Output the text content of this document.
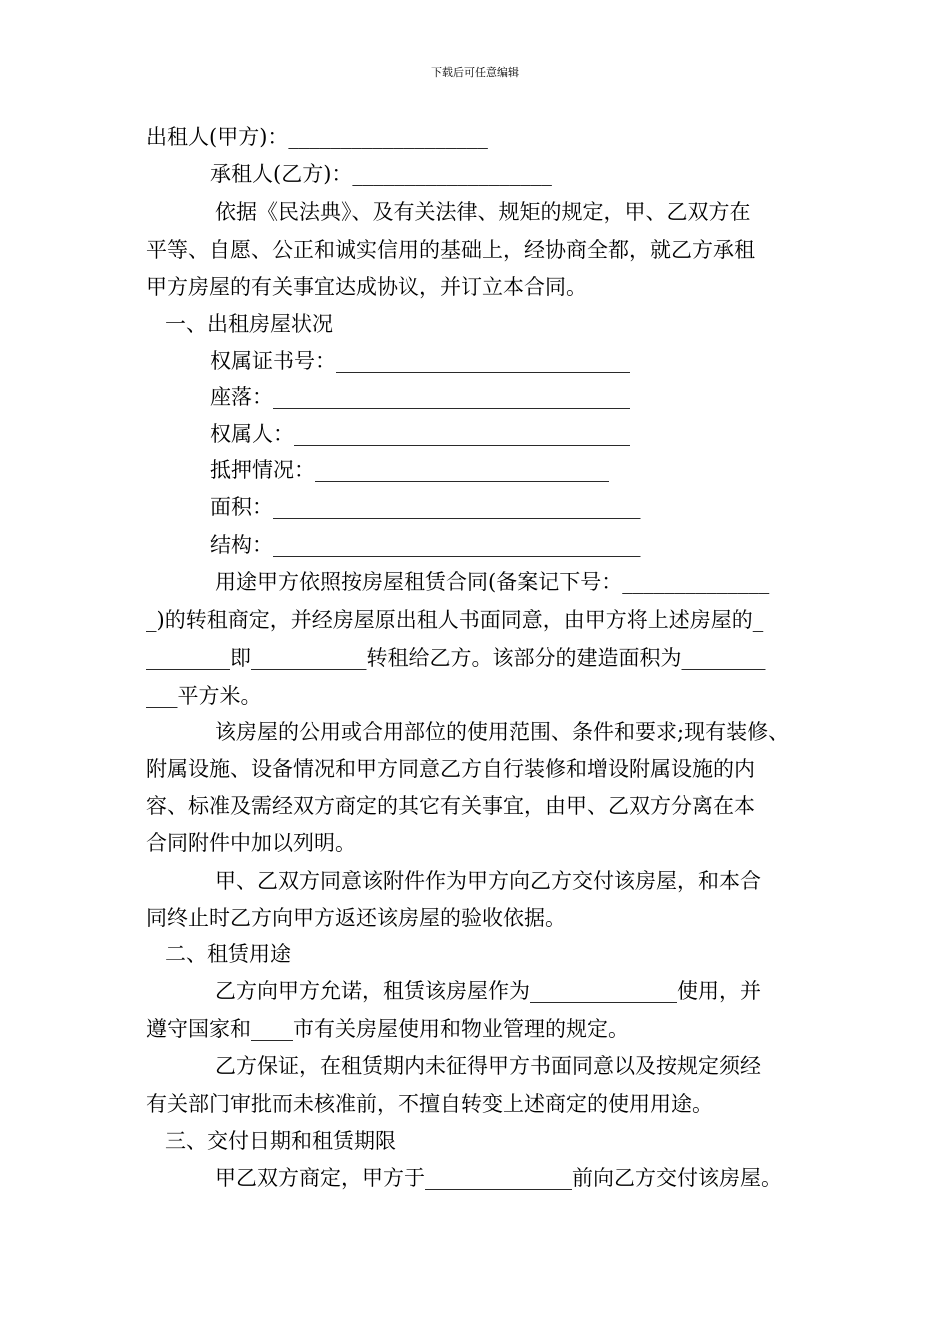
下载后可任意编辑
出租人(甲方)：___________________
承租人(乙方)：___________________
依据《民法典》、及有关法律、规矩的规定，甲、乙双方在
平等、自愿、公正和诚实信用的基础上，经协商全都，就乙方承租
甲方房屋的有关事宜达成协议，并订立本合同。
一、出租房屋状况
权属证书号：____________________________
座落：__________________________________
权属人：________________________________
抵押情况：____________________________
面积：___________________________________
结构：___________________________________
用途甲方依照按房屋租赁合同(备案记下号：______________
_)的转租商定，并经房屋原出租人书面同意，由甲方将上述房屋的_
________即___________转租给乙方。该部分的建造面积为________
___平方米。
该房屋的公用或合用部位的使用范围、条件和要求;现有装修、
附属设施、设备情况和甲方同意乙方自行装修和增设附属设施的内
容、标准及需经双方商定的其它有关事宜，由甲、乙双方分离在本
合同附件中加以列明。
甲、乙双方同意该附件作为甲方向乙方交付该房屋，和本合
同终止时乙方向甲方返还该房屋的验收依据。
二、租赁用途
乙方向甲方允诺，租赁该房屋作为______________使用，并
遵守国家和____市有关房屋使用和物业管理的规定。
乙方保证，在租赁期内未征得甲方书面同意以及按规定须经
有关部门审批而未核准前，不擅自转变上述商定的使用用途。
三、交付日期和租赁期限
甲乙双方商定，甲方于______________前向乙方交付该房屋。
